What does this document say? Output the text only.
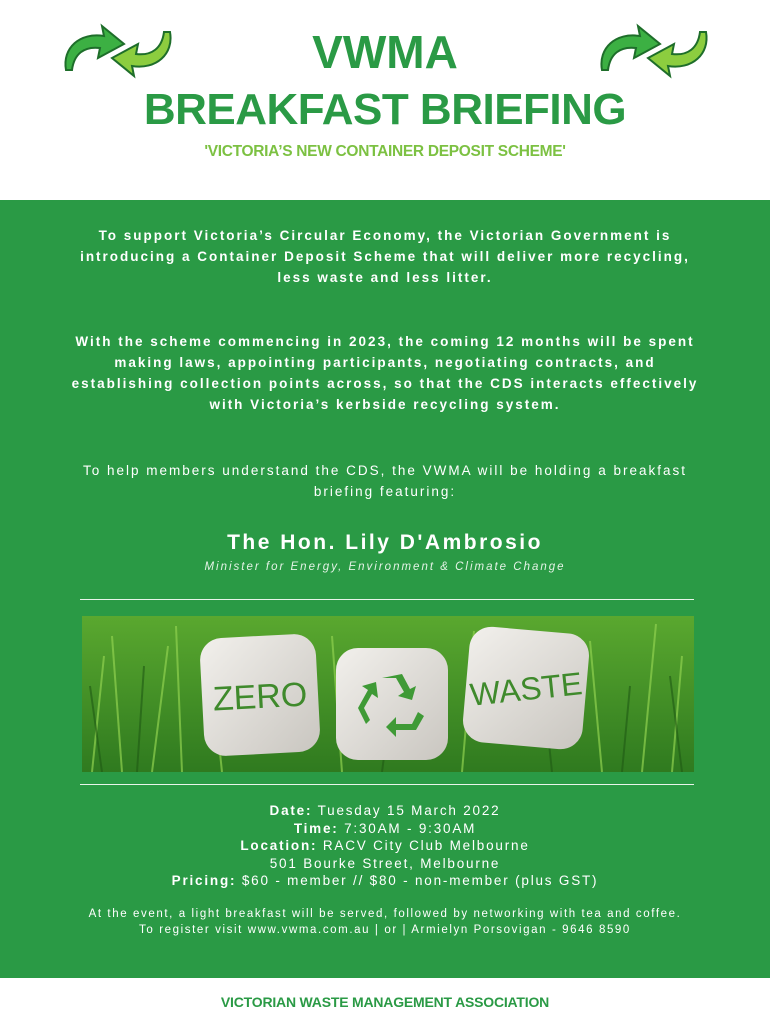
VWMA
BREAKFAST BRIEFING
'VICTORIA’S NEW CONTAINER DEPOSIT SCHEME'
To support Victoria’s Circular Economy, the Victorian Government is introducing a Container Deposit Scheme that will deliver more recycling, less waste and less litter.
With the scheme commencing in 2023, the coming 12 months will be spent making laws, appointing participants, negotiating contracts, and establishing collection points across, so that the CDS interacts effectively with Victoria’s kerbside recycling system.
To help members understand the CDS, the VWMA will be holding a breakfast briefing featuring:
The Hon. Lily D'Ambrosio
Minister for Energy, Environment & Climate Change
ZERO	WASTE
Date: Tuesday 15 March 2022
Time: 7:30AM - 9:30AM
Location: RACV City Club Melbourne
501 Bourke Street, Melbourne
Pricing: $60 - member // $80 - non-member (plus GST)
At the event, a light breakfast will be served, followed by networking with tea and coffee.
To register visit www.vwma.com.au | or | Armielyn Porsovigan - 9646 8590
VICTORIAN WASTE MANAGEMENT ASSOCIATION
